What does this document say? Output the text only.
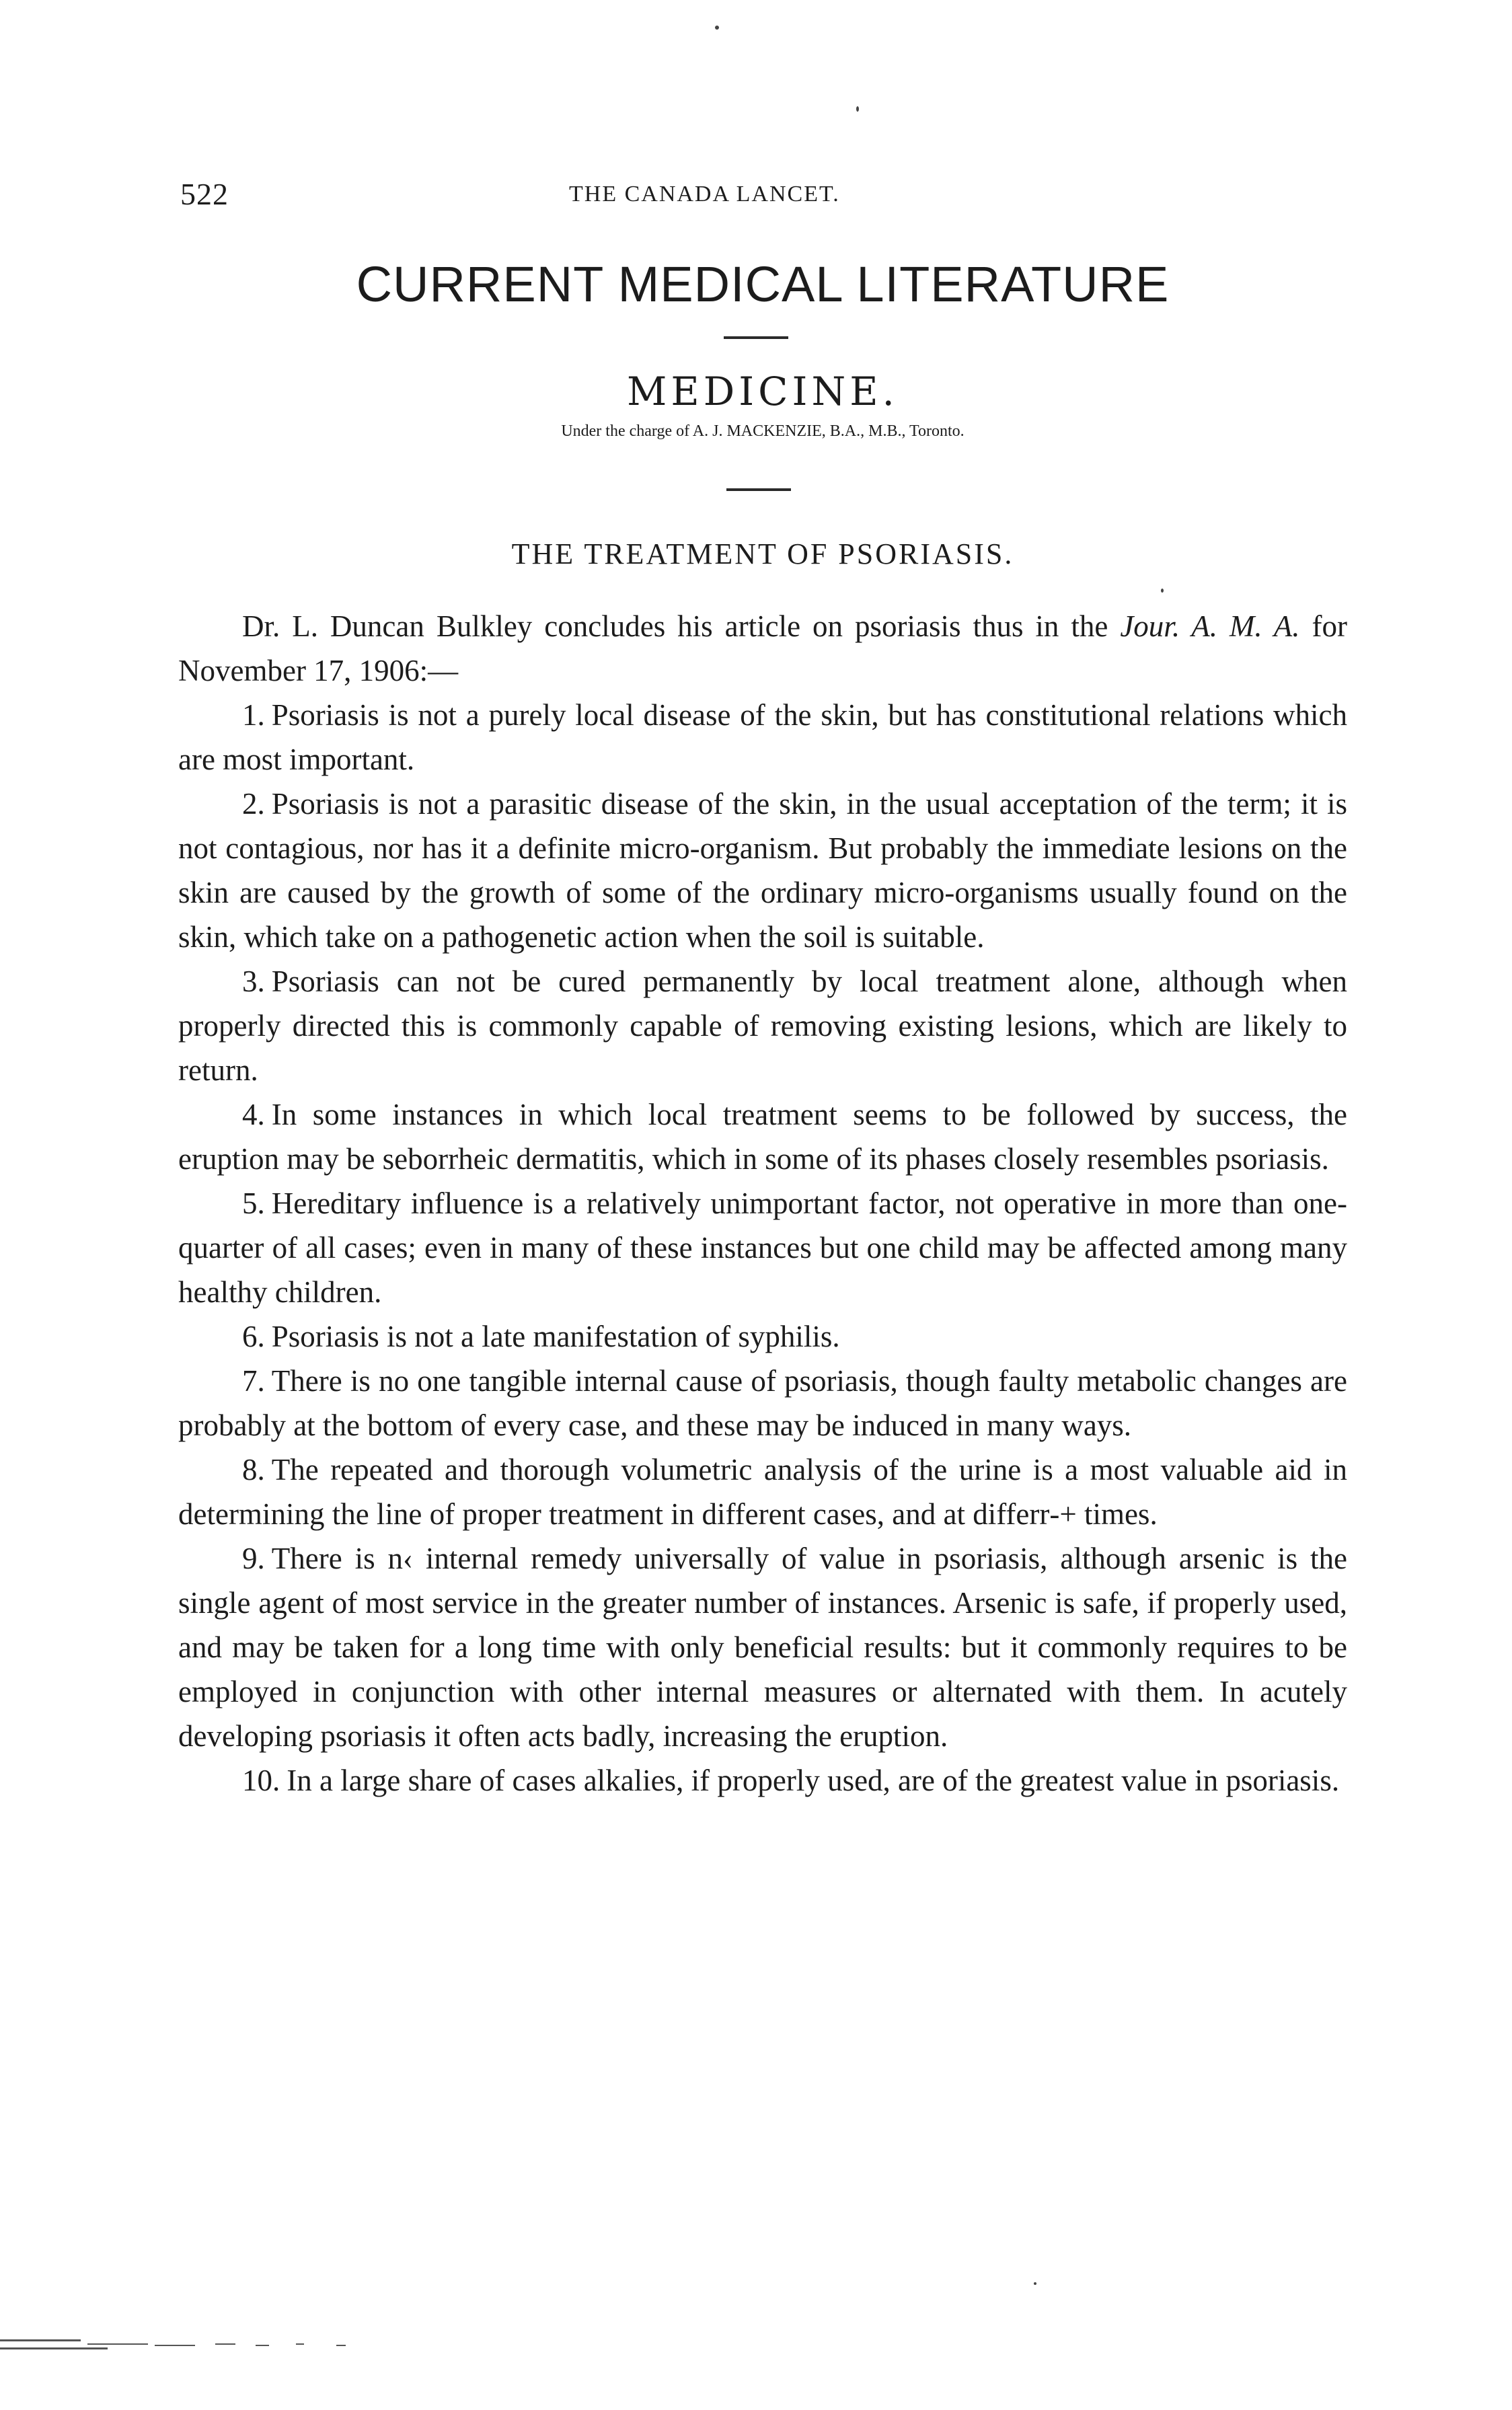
522	THE CANADA LANCET.
CURRENT MEDICAL LITERATURE
MEDICINE.
Under the charge of A. J. MACKENZIE, B.A., M.B., Toronto.
THE TREATMENT OF PSORIASIS.

Dr. L. Duncan Bulkley concludes his article on psoriasis thus in the Jour. A. M. A. for November 17, 1906:—

1. Psoriasis is not a purely local disease of the skin, but has constitutional relations which are most important.

2. Psoriasis is not a parasitic disease of the skin, in the usual acceptation of the term; it is not contagious, nor has it a definite micro-organism. But probably the immediate lesions on the skin are caused by the growth of some of the ordinary micro-organisms usually found on the skin, which take on a pathogenetic action when the soil is suitable.

3. Psoriasis can not be cured permanently by local treatment alone, although when properly directed this is commonly capable of removing existing lesions, which are likely to return.

4. In some instances in which local treatment seems to be followed by success, the eruption may be seborrheic dermatitis, which in some of its phases closely resembles psoriasis.

5. Hereditary influence is a relatively unimportant factor, not operative in more than one-quarter of all cases; even in many of these instances but one child may be affected among many healthy children.

6. Psoriasis is not a late manifestation of syphilis.

7. There is no one tangible internal cause of psoriasis, though faulty metabolic changes are probably at the bottom of every case, and these may be induced in many ways.

8. The repeated and thorough volumetric analysis of the urine is a most valuable aid in determining the line of proper treatment in different cases, and at differr‑+ times.

9. There is n‹ internal remedy universally of value in psoriasis, although arsenic is the single agent of most service in the greater number of instances. Arsenic is safe, if properly used, and may be taken for a long time with only beneficial results: but it commonly requires to be employed in conjunction with other internal measures or alternated with them. In acutely developing psoriasis it often acts badly, increasing the eruption.

10. In a large share of cases alkalies, if properly used, are of the greatest value in psoriasis.
